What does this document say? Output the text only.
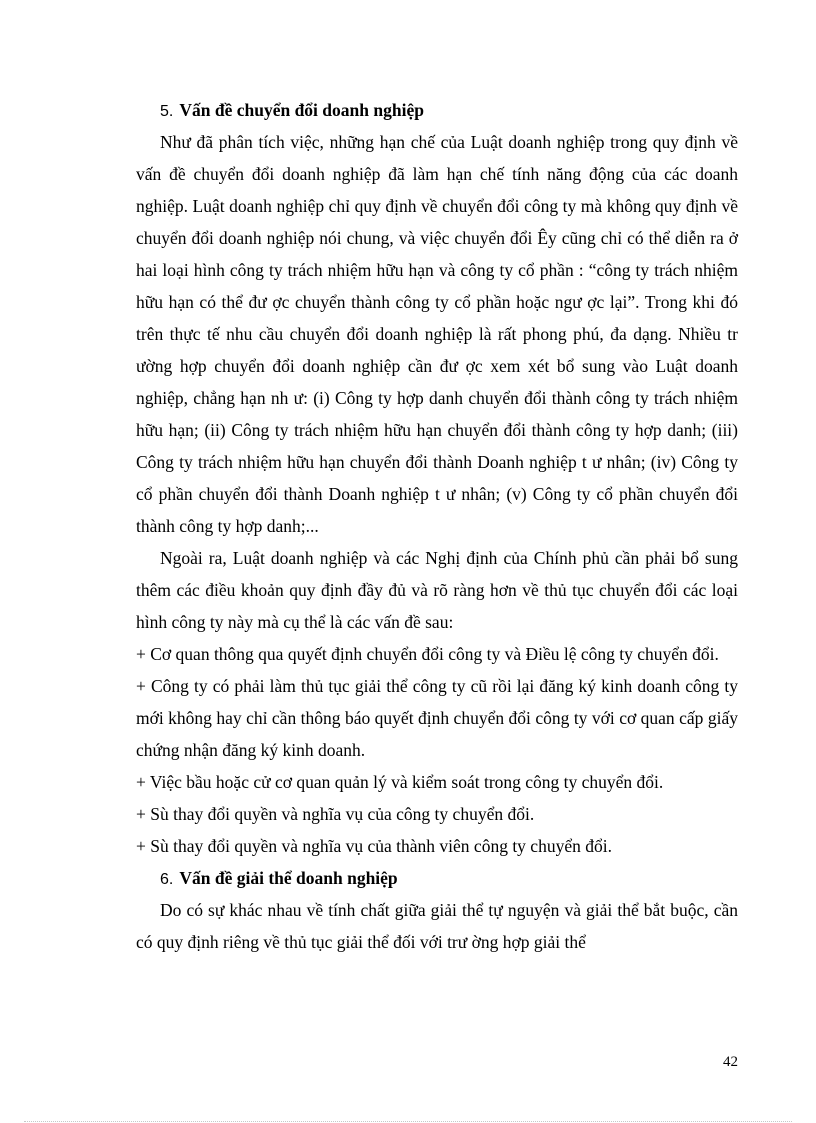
5. Vấn đề chuyển đổi doanh nghiệp

Như đã phân tích việc, những hạn chế của Luật doanh nghiệp trong quy định về vấn đề chuyển đổi doanh nghiệp đã làm hạn chế tính năng động của các doanh nghiệp. Luật doanh nghiệp chỉ quy định về chuyển đổi công ty mà không quy định về chuyển đổi doanh nghiệp nói chung, và việc chuyển đổi Êy cũng chỉ có thể diễn ra ở hai loại hình công ty trách nhiệm hữu hạn và công ty cổ phần : “công ty trách nhiệm hữu hạn có thể đư ợc chuyển thành công ty cổ phần hoặc ngư ợc lại”. Trong khi đó trên thực tế nhu cầu chuyển đổi doanh nghiệp là rất phong phú, đa dạng. Nhiều tr ường hợp chuyển đổi doanh nghiệp cần đư ợc xem xét bổ sung vào Luật doanh nghiệp, chẳng hạn nh ư: (i) Công ty hợp danh chuyển đổi thành công ty trách nhiệm hữu hạn; (ii) Công ty trách nhiệm hữu hạn chuyển đổi thành công ty hợp danh; (iii) Công ty trách nhiệm hữu hạn chuyển đổi thành Doanh nghiệp t ư nhân; (iv) Công ty cổ phần chuyển đổi thành Doanh nghiệp t ư nhân; (v) Công ty cổ phần chuyển đổi thành công ty hợp danh;...

Ngoài ra, Luật doanh nghiệp và các Nghị định của Chính phủ cần phải bổ sung thêm các điều khoản quy định đầy đủ và rõ ràng hơn về thủ tục chuyển đổi các loại hình công ty này mà cụ thể là các vấn đề sau:

+ Cơ quan thông qua quyết định chuyển đổi công ty và Điều lệ công ty chuyển đổi.

+ Công ty có phải làm thủ tục giải thể công ty cũ rồi lại đăng ký kinh doanh công ty mới không hay chỉ cần thông báo quyết định chuyển đổi công ty với cơ quan cấp giấy chứng nhận đăng ký kinh doanh.

+ Việc bầu hoặc cử cơ quan quản lý và kiểm soát trong công ty chuyển đổi.

+ Sù thay đổi quyền và nghĩa vụ của công ty chuyển đổi.

+ Sù thay đổi quyền và nghĩa vụ của thành viên công ty chuyển đổi.

6. Vấn đề giải thể doanh nghiệp

Do có sự khác nhau về tính chất giữa giải thể tự nguyện và giải thể bắt buộc, cần có quy định riêng về thủ tục giải thể đối với trư ờng hợp giải thể

42
